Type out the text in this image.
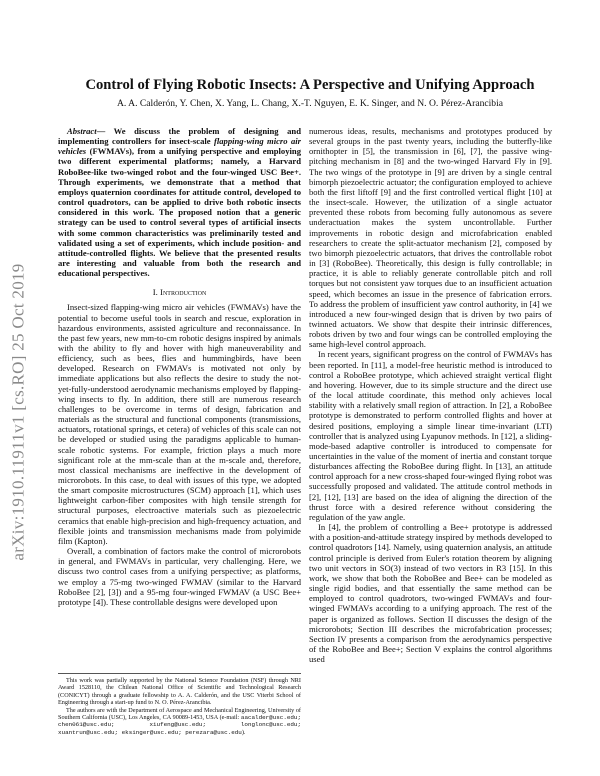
arXiv:1910.11911v1 [cs.RO] 25 Oct 2019
Control of Flying Robotic Insects: A Perspective and Unifying Approach
A. A. Calderón, Y. Chen, X. Yang, L. Chang, X.-T. Nguyen, E. K. Singer, and N. O. Pérez-Arancibia

Abstract— We discuss the problem of designing and implementing controllers for insect-scale flapping-wing micro air vehicles (FWMAVs), from a unifying perspective and employing two different experimental platforms; namely, a Harvard RoboBee-like two-winged robot and the four-winged USC Bee+. Through experiments, we demonstrate that a method that employs quaternion coordinates for attitude control, developed to control quadrotors, can be applied to drive both robotic insects considered in this work. The proposed notion that a generic strategy can be used to control several types of artificial insects with some common characteristics was preliminarily tested and validated using a set of experiments, which include position- and attitude-controlled flights. We believe that the presented results are interesting and valuable from both the research and educational perspectives.

I. Introduction

Insect-sized flapping-wing micro air vehicles (FWMAVs) have the potential to become useful tools in search and rescue, exploration in hazardous environments, assisted agriculture and reconnaissance. In the past few years, new mm-to-cm robotic designs inspired by animals with the ability to fly and hover with high maneuverability and efficiency, such as bees, flies and hummingbirds, have been developed. Research on FWMAVs is motivated not only by immediate applications but also reflects the desire to study the not-yet-fully-understood aerodynamic mechanisms employed by flapping-wing insects to fly. In addition, there still are numerous research challenges to be overcome in terms of design, fabrication and materials as the structural and functional components (transmissions, actuators, rotational springs, et cetera) of vehicles of this scale can not be developed or studied using the paradigms applicable to human-scale robotic systems. For example, friction plays a much more significant role at the mm-scale than at the m-scale and, therefore, most classical mechanisms are ineffective in the development of microrobots. In this case, to deal with issues of this type, we adopted the smart composite microstructures (SCM) approach [1], which uses lightweight carbon-fiber composites with high tensile strength for structural purposes, electroactive materials such as piezoelectric ceramics that enable high-precision and high-frequency actuation, and flexible joints and transmission mechanisms made from polyimide film (Kapton).

Overall, a combination of factors make the control of microrobots in general, and FWMAVs in particular, very challenging. Here, we discuss two control cases from a unifying perspective; as platforms, we employ a 75-mg two-winged FWMAV (similar to the Harvard RoboBee [2], [3]) and a 95-mg four-winged FWMAV (a USC Bee+ prototype [4]). These controllable designs were developed upon

This work was partially supported by the National Science Foundation (NSF) through NRI Award 1528110, the Chilean National Office of Scientific and Technological Research (CONICYT) through a graduate fellowship to A. A. Calderón, and the USC Viterbi School of Engineering through a start-up fund to N. O. Pérez-Arancibia.

The authors are with the Department of Aerospace and Mechanical Engineering, University of Southern California (USC), Los Angeles, CA 90089-1453, USA (e-mail: aacalder@usc.edu; chen061@usc.edu; xiufeng@usc.edu; longlonc@usc.edu; xuantrun@usc.edu; eksinger@usc.edu; perezara@usc.edu).

numerous ideas, results, mechanisms and prototypes produced by several groups in the past twenty years, including the butterfly-like ornithopter in [5], the transmission in [6], [7], the passive wing-pitching mechanism in [8] and the two-winged Harvard Fly in [9]. The two wings of the prototype in [9] are driven by a single central bimorph piezoelectric actuator; the configuration employed to achieve both the first liftoff [9] and the first controlled vertical flight [10] at the insect-scale. However, the utilization of a single actuator prevented these robots from becoming fully autonomous as severe underactuation makes the system uncontrollable. Further improvements in robotic design and microfabrication enabled researchers to create the split-actuator mechanism [2], composed by two bimorph piezoelectric actuators, that drives the controllable robot in [3] (RoboBee). Theoretically, this design is fully controllable; in practice, it is able to reliably generate controllable pitch and roll torques but not consistent yaw torques due to an insufficient actuation speed, which becomes an issue in the presence of fabrication errors. To address the problem of insufficient yaw control authority, in [4] we introduced a new four-winged design that is driven by two pairs of twinned actuators. We show that despite their intrinsic differences, robots driven by two and four wings can be controlled employing the same high-level control approach.

In recent years, significant progress on the control of FWMAVs has been reported. In [11], a model-free heuristic method is introduced to control a RoboBee prototype, which achieved straight vertical flight and hovering. However, due to its simple structure and the direct use of the local attitude coordinate, this method only achieves local stability with a relatively small region of attraction. In [2], a RoboBee prototype is demonstrated to perform controlled flights and hover at desired positions, employing a simple linear time-invariant (LTI) controller that is analyzed using Lyapunov methods. In [12], a sliding-mode-based adaptive controller is introduced to compensate for uncertainties in the value of the moment of inertia and constant torque disturbances affecting the RoboBee during flight. In [13], an attitude control approach for a new cross-shaped four-winged flying robot was successfully proposed and validated. The attitude control methods in [2], [12], [13] are based on the idea of aligning the direction of the thrust force with a desired reference without considering the regulation of the yaw angle.

In [4], the problem of controlling a Bee+ prototype is addressed with a position-and-attitude strategy inspired by methods developed to control quadrotors [14]. Namely, using quaternion analysis, an attitude control principle is derived from Euler's rotation theorem by aligning two unit vectors in SO(3) instead of two vectors in R3 [15]. In this work, we show that both the RoboBee and Bee+ can be modeled as single rigid bodies, and that essentially the same method can be employed to control quadrotors, two-winged FWMAVs and four-winged FWMAVs according to a unifying approach. The rest of the paper is organized as follows. Section II discusses the design of the microrobots; Section III describes the microfabrication processes; Section IV presents a comparison from the aerodynamics perspective of the RoboBee and Bee+; Section V explains the control algorithms used
